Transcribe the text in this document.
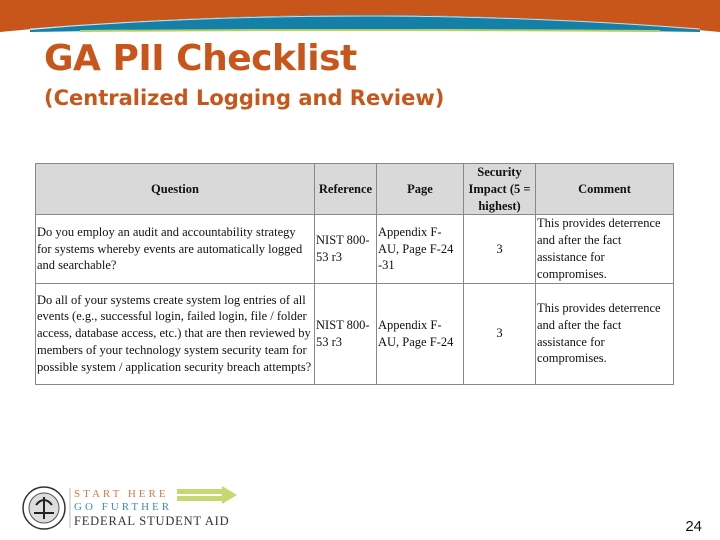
GA PII Checklist
(Centralized Logging and Review)
Question	Reference	Page	Security Impact (5 = highest)	Comment
Do you employ an audit and accountability strategy for systems whereby events are automatically logged and searchable?	NIST 800-53 r3	Appendix F-AU, Page F-24 -31	3	This provides deterrence and after the fact assistance for compromises.
Do all of your systems create system log entries of all events (e.g., successful login, failed login, file / folder access, database access, etc.) that are then reviewed by members of your technology system security team for possible system / application security breach attempts?	NIST 800-53 r3	Appendix F-AU, Page F-24	3	This provides deterrence and after the fact assistance for compromises.
START HERE
GO FURTHER
FEDERAL STUDENT AID	24
